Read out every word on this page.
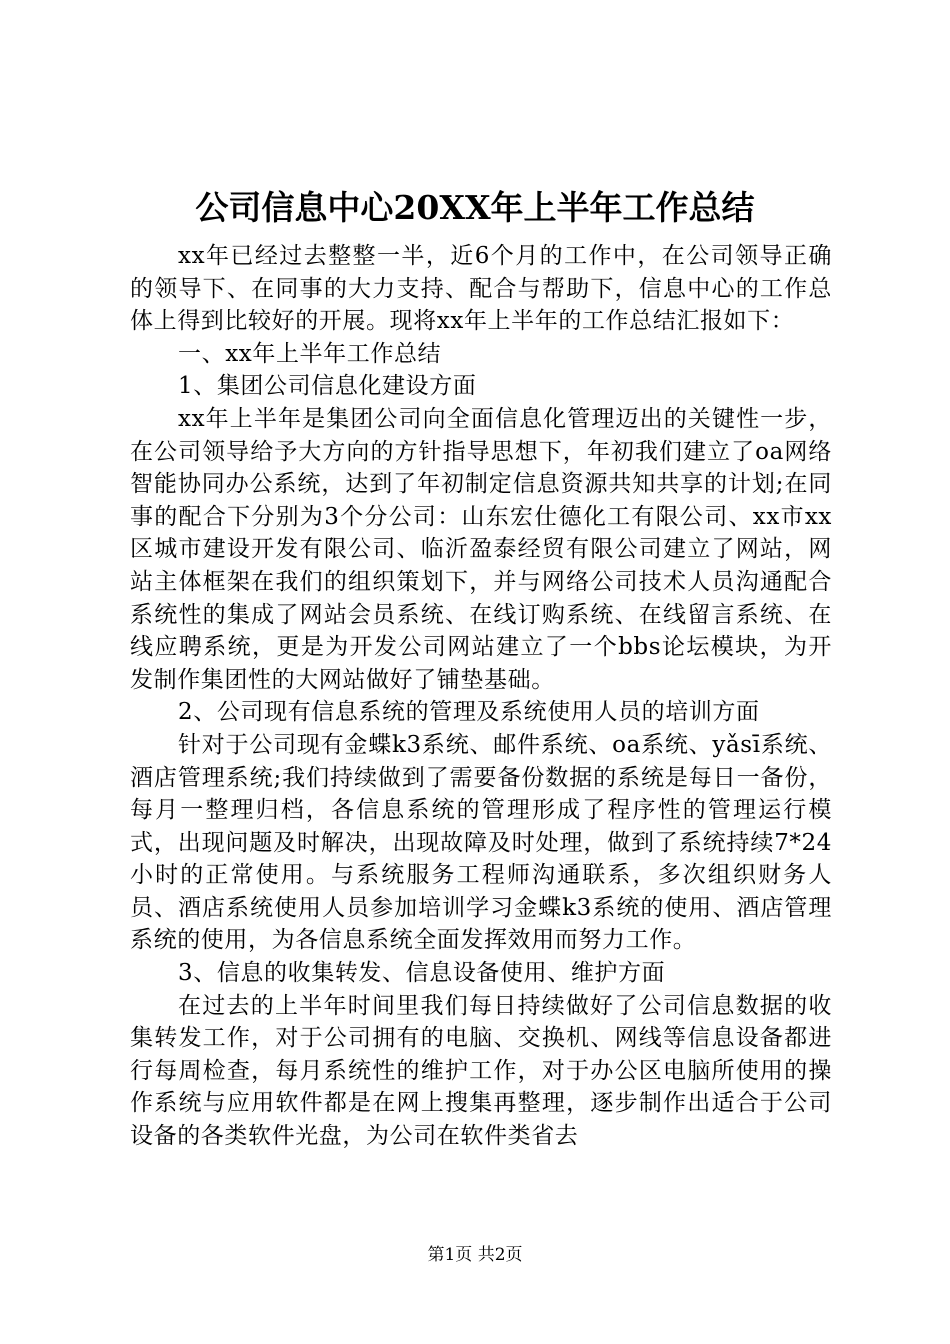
公司信息中心20XX年上半年工作总结

xx年已经过去整整一半，近6个月的工作中，在公司领导正确的领导下、在同事的大力支持、配合与帮助下，信息中心的工作总体上得到比较好的开展。现将xx年上半年的工作总结汇报如下：

一、xx年上半年工作总结

1、集团公司信息化建设方面

xx年上半年是集团公司向全面信息化管理迈出的关键性一步，在公司领导给予大方向的方针指导思想下，年初我们建立了oa网络智能协同办公系统，达到了年初制定信息资源共知共享的计划;在同事的配合下分别为3个分公司：山东宏仕德化工有限公司、xx市xx区城市建设开发有限公司、临沂盈泰经贸有限公司建立了网站，网站主体框架在我们的组织策划下，并与网络公司技术人员沟通配合系统性的集成了网站会员系统、在线订购系统、在线留言系统、在线应聘系统，更是为开发公司网站建立了一个bbs论坛模块，为开发制作集团性的大网站做好了铺垫基础。

2、公司现有信息系统的管理及系统使用人员的培训方面

针对于公司现有金蝶k3系统、邮件系统、oa系统、yǎsī系统、酒店管理系统;我们持续做到了需要备份数据的系统是每日一备份，每月一整理归档，各信息系统的管理形成了程序性的管理运行模式，出现问题及时解决，出现故障及时处理，做到了系统持续7*24小时的正常使用。与系统服务工程师沟通联系，多次组织财务人员、酒店系统使用人员参加培训学习金蝶k3系统的使用、酒店管理系统的使用，为各信息系统全面发挥效用而努力工作。

3、信息的收集转发、信息设备使用、维护方面

在过去的上半年时间里我们每日持续做好了公司信息数据的收集转发工作，对于公司拥有的电脑、交换机、网线等信息设备都进行每周检查，每月系统性的维护工作，对于办公区电脑所使用的操作系统与应用软件都是在网上搜集再整理，逐步制作出适合于公司设备的各类软件光盘，为公司在软件类省去

第1页 共2页
